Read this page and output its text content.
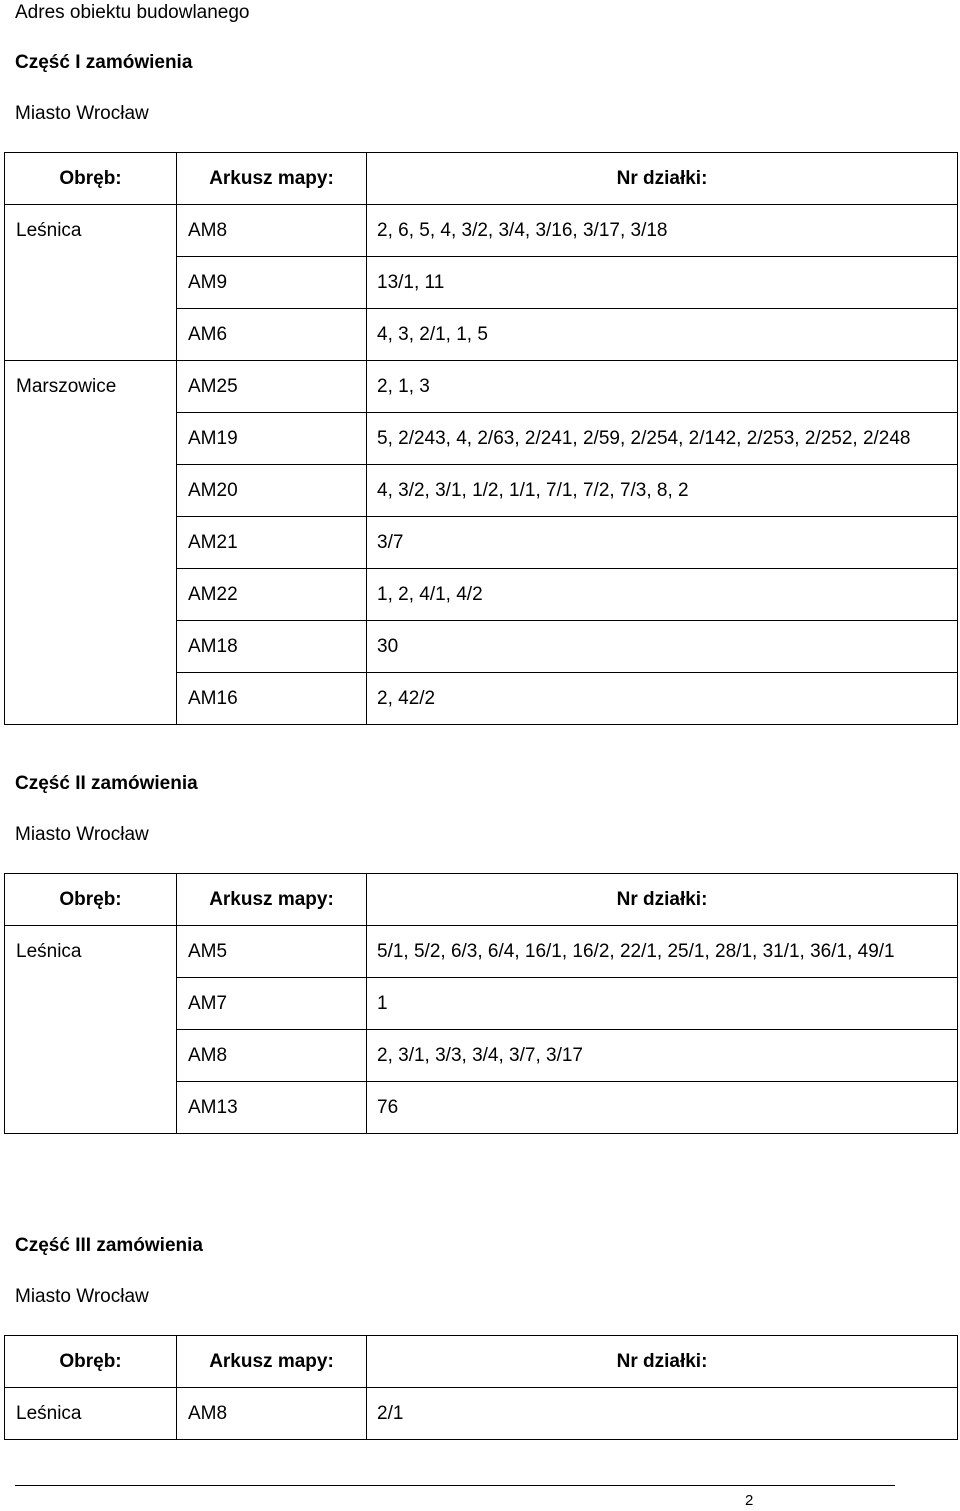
Adres obiektu budowlanego
Część I zamówienia
Miasto Wrocław
Obręb:	Arkusz mapy:	Nr działki:
Leśnica	AM8	2, 6, 5, 4, 3/2, 3/4, 3/16, 3/17, 3/18
	AM9	13/1, 11
	AM6	4, 3, 2/1, 1, 5
Marszowice	AM25	2, 1, 3
	AM19	5, 2/243, 4, 2/63, 2/241, 2/59, 2/254, 2/142, 2/253, 2/252, 2/248
	AM20	4, 3/2, 3/1, 1/2, 1/1, 7/1, 7/2, 7/3, 8, 2
	AM21	3/7
	AM22	1, 2, 4/1, 4/2
	AM18	30
	AM16	2, 42/2
Część II zamówienia
Miasto Wrocław
Obręb:	Arkusz mapy:	Nr działki:
Leśnica	AM5	5/1, 5/2, 6/3, 6/4, 16/1, 16/2, 22/1, 25/1, 28/1, 31/1, 36/1, 49/1
	AM7	1
	AM8	2, 3/1, 3/3, 3/4, 3/7, 3/17
	AM13	76
Część III zamówienia
Miasto Wrocław
Obręb:	Arkusz mapy:	Nr działki:
Leśnica	AM8	2/1
2
